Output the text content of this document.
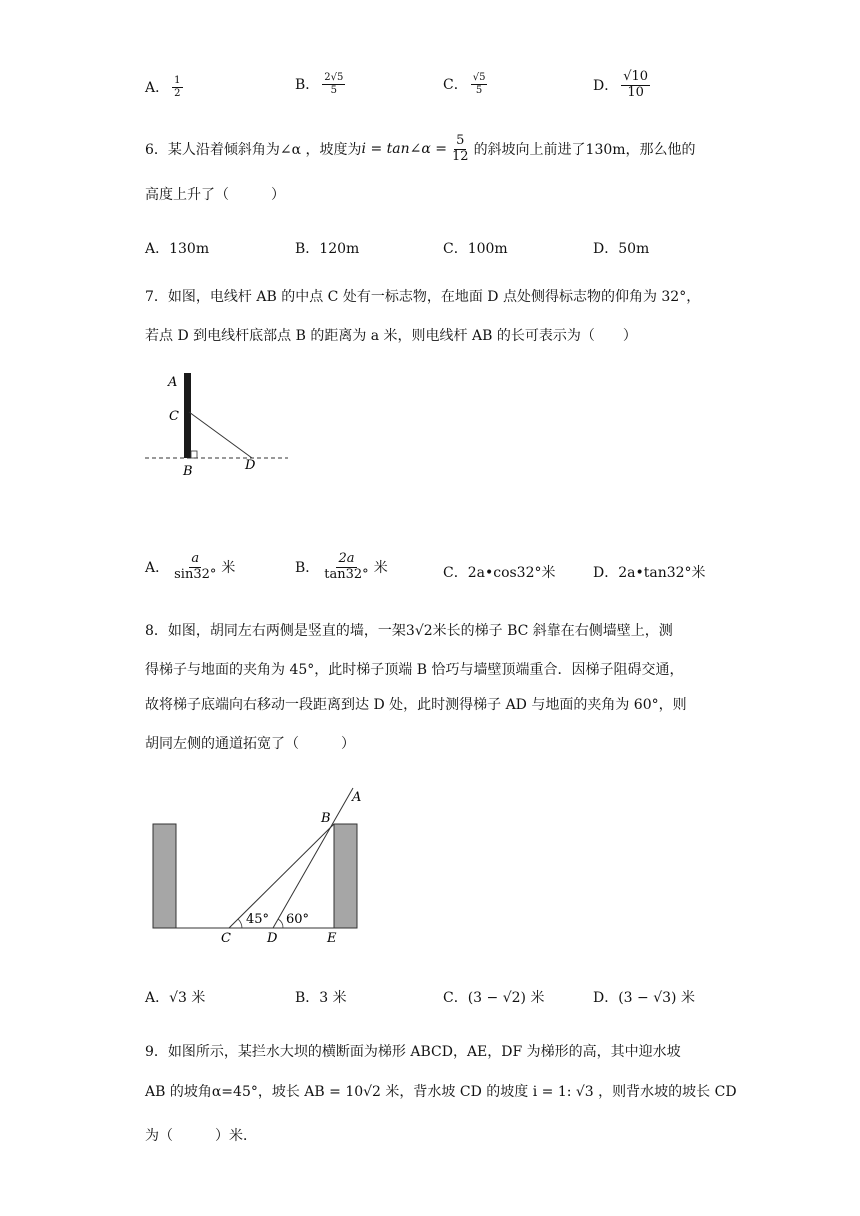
A． $\frac{1}{2}$	B． $\frac{2√5}{5}$	C． $\frac{√5}{5}$	D． $\frac{√10}{10}$
6．某人沿着倾斜角为∠α ，坡度为 i = tan∠α = $\frac{5}{12}$ 的斜坡向上前进了130m，那么他的
高度上升了（　　　）
A．130m	B．120m	C．100m	D．50m
7．如图，电线杆 AB 的中点 C 处有一标志物，在地面 D 点处侧得标志物的仰角为 32°，
若点 D 到电线杆底部点 B 的距离为 a 米，则电线杆 AB 的长可表示为（　　）
A
C
B	D
A． $\frac{a}{\sin 32^\circ}$ 米	B． $\frac{2a}{\tan 32^\circ}$ 米	C．2a•cos32°米	D．2a•tan32°米
8．如图，胡同左右两侧是竖直的墙，一架3√2米长的梯子 BC 斜靠在右侧墙壁上，测
得梯子与地面的夹角为 45°，此时梯子顶端 B 恰巧与墙壁顶端重合．因梯子阻碍交通，
故将梯子底端向右移动一段距离到达 D 处，此时测得梯子 AD 与地面的夹角为 60°，则
胡同左侧的通道拓宽了（　　　）
45° 60°
A
B
C	D	E
A．√3 米	B．3 米	C．(3 − √2) 米	D．(3 − √3) 米
9．如图所示，某拦水大坝的横断面为梯形 ABCD，AE，DF 为梯形的高，其中迎水坡
AB 的坡角α=45°，坡长 AB = 10√2 米，背水坡 CD 的坡度 i = 1: √3 ，则背水坡的坡长 CD
为（　　　）米．
